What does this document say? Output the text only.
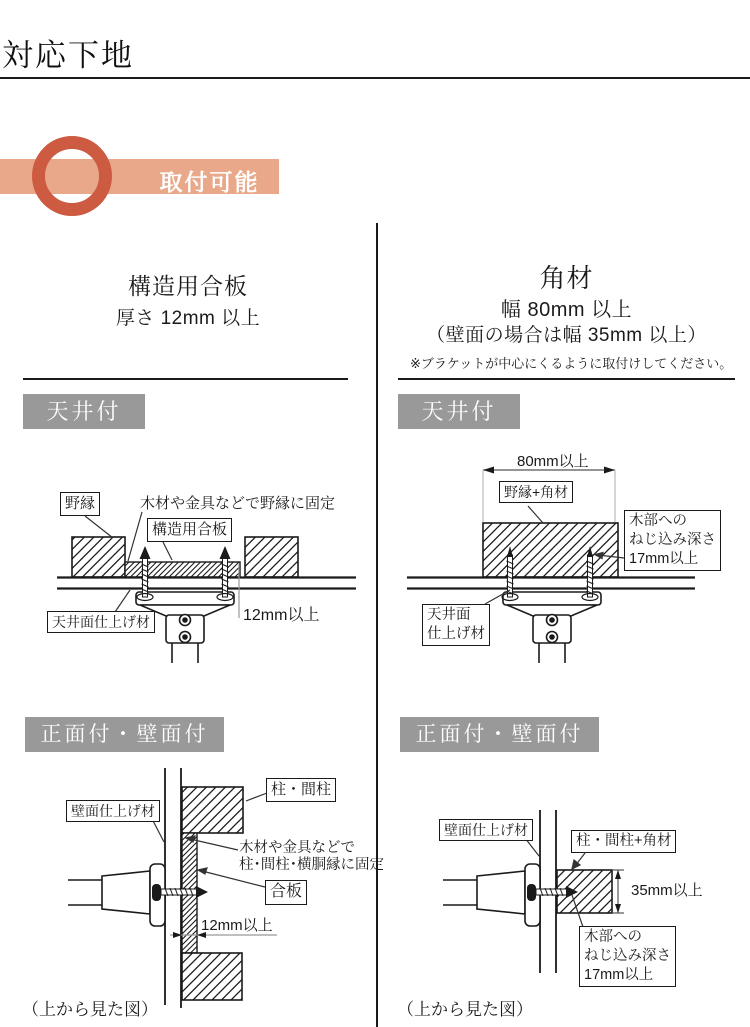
対応下地
取付可能
構造用合板
厚さ 12mm 以上
角材
幅 80mm 以上
（壁面の場合は幅 35mm 以上）
※ブラケットが中心にくるように取付けしてください。
天井付	天井付
正面付・壁面付	正面付・壁面付
野縁	木材や金具などで野縁に固定
構造用合板
天井面仕上げ材	12mm以上
80mm以上
野縁+角材
木部への
ねじ込み深さ
17mm以上
天井面
仕上げ材
壁面仕上げ材
柱・間柱
木材や金具などで
柱･間柱･横胴縁に固定
合板
12mm以上
（上から見た図）
壁面仕上げ材
柱・間柱+角材
35mm以上
木部への
ねじ込み深さ
17mm以上
（上から見た図）
